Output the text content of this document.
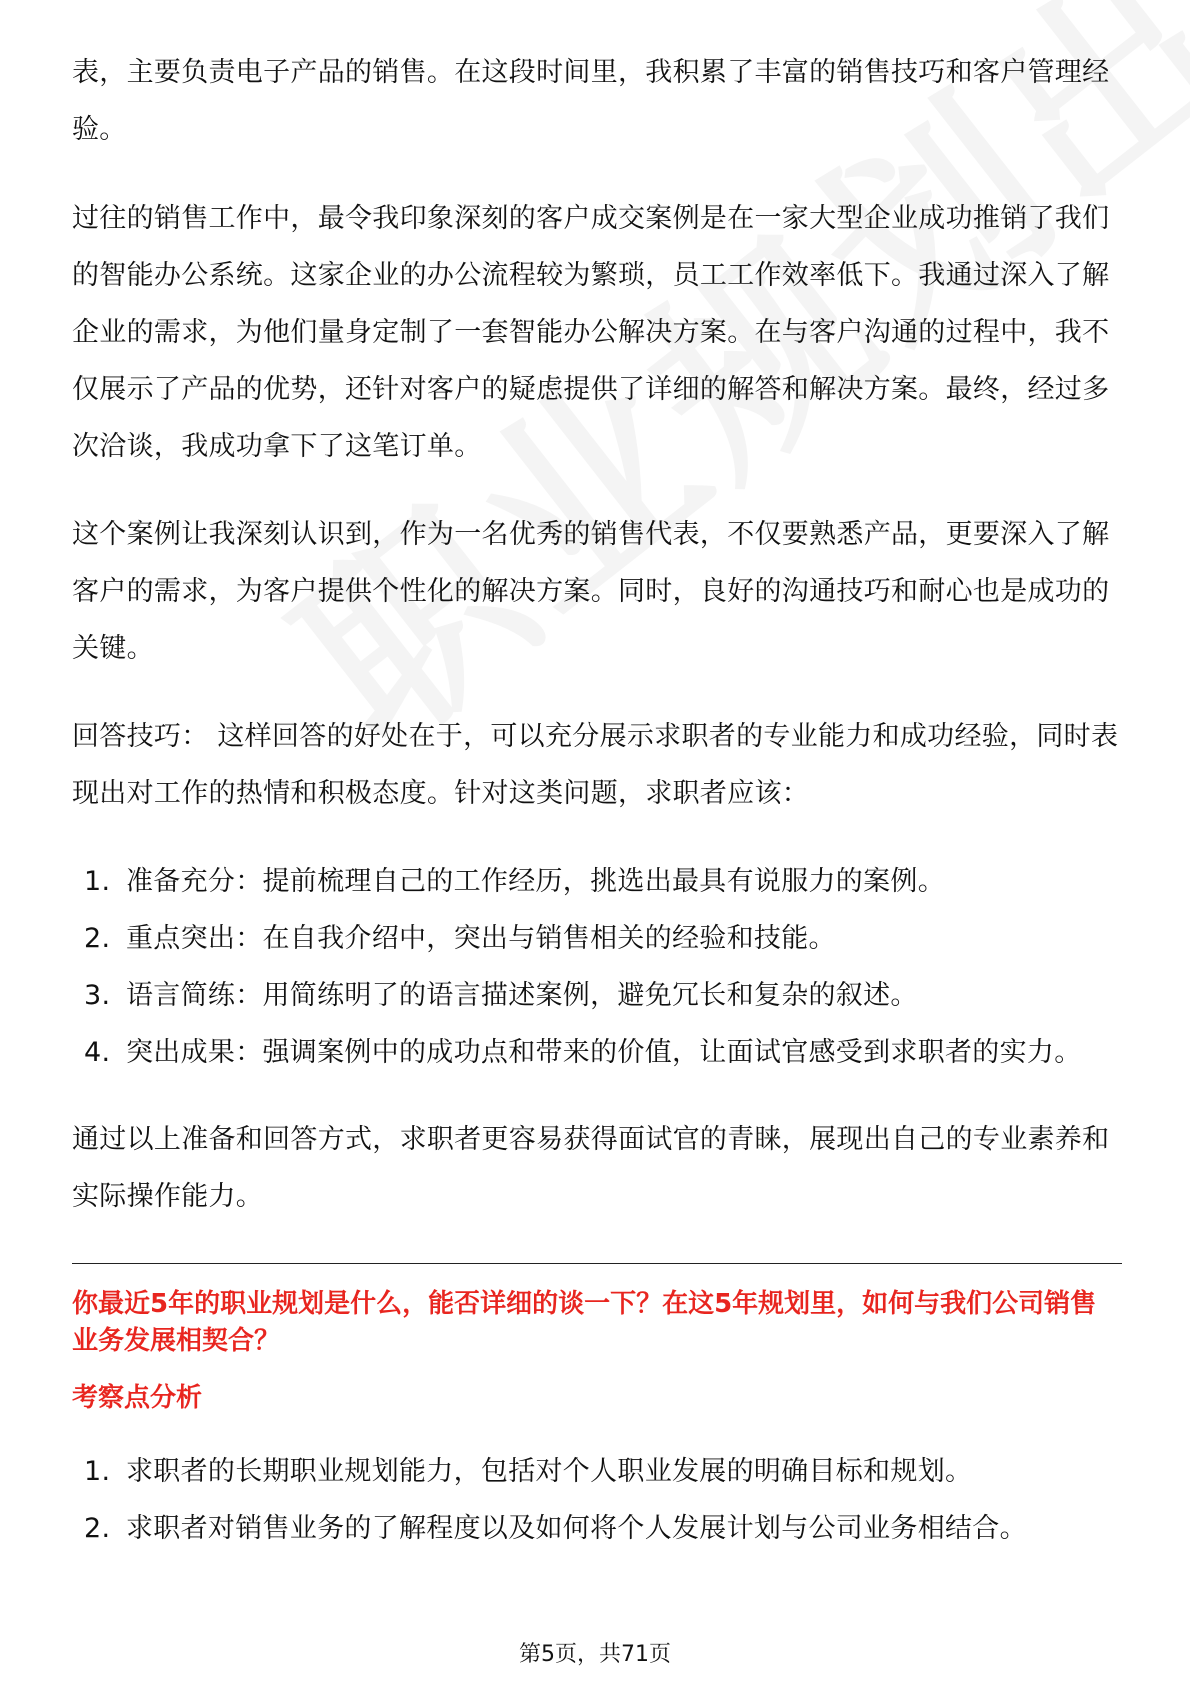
表，主要负责电子产品的销售。在这段时间里，我积累了丰富的销售技巧和客户管理经验。

过往的销售工作中，最令我印象深刻的客户成交案例是在一家大型企业成功推销了我们的智能办公系统。这家企业的办公流程较为繁琐，员工工作效率低下。我通过深入了解企业的需求，为他们量身定制了一套智能办公解决方案。在与客户沟通的过程中，我不仅展示了产品的优势，还针对客户的疑虑提供了详细的解答和解决方案。最终，经过多次洽谈，我成功拿下了这笔订单。

这个案例让我深刻认识到，作为一名优秀的销售代表，不仅要熟悉产品，更要深入了解客户的需求，为客户提供个性化的解决方案。同时，良好的沟通技巧和耐心也是成功的关键。

回答技巧： 这样回答的好处在于，可以充分展示求职者的专业能力和成功经验，同时表现出对工作的热情和积极态度。针对这类问题，求职者应该：

1. 准备充分：提前梳理自己的工作经历，挑选出最具有说服力的案例。
2. 重点突出：在自我介绍中，突出与销售相关的经验和技能。
3. 语言简练：用简练明了的语言描述案例，避免冗长和复杂的叙述。
4. 突出成果：强调案例中的成功点和带来的价值，让面试官感受到求职者的实力。

通过以上准备和回答方式，求职者更容易获得面试官的青睐，展现出自己的专业素养和实际操作能力。

你最近5年的职业规划是什么，能否详细的谈一下？在这5年规划里，如何与我们公司销售业务发展相契合？
考察点分析
1. 求职者的长期职业规划能力，包括对个人职业发展的明确目标和规划。
2. 求职者对销售业务的了解程度以及如何将个人发展计划与公司业务相结合。
第5页，共71页
